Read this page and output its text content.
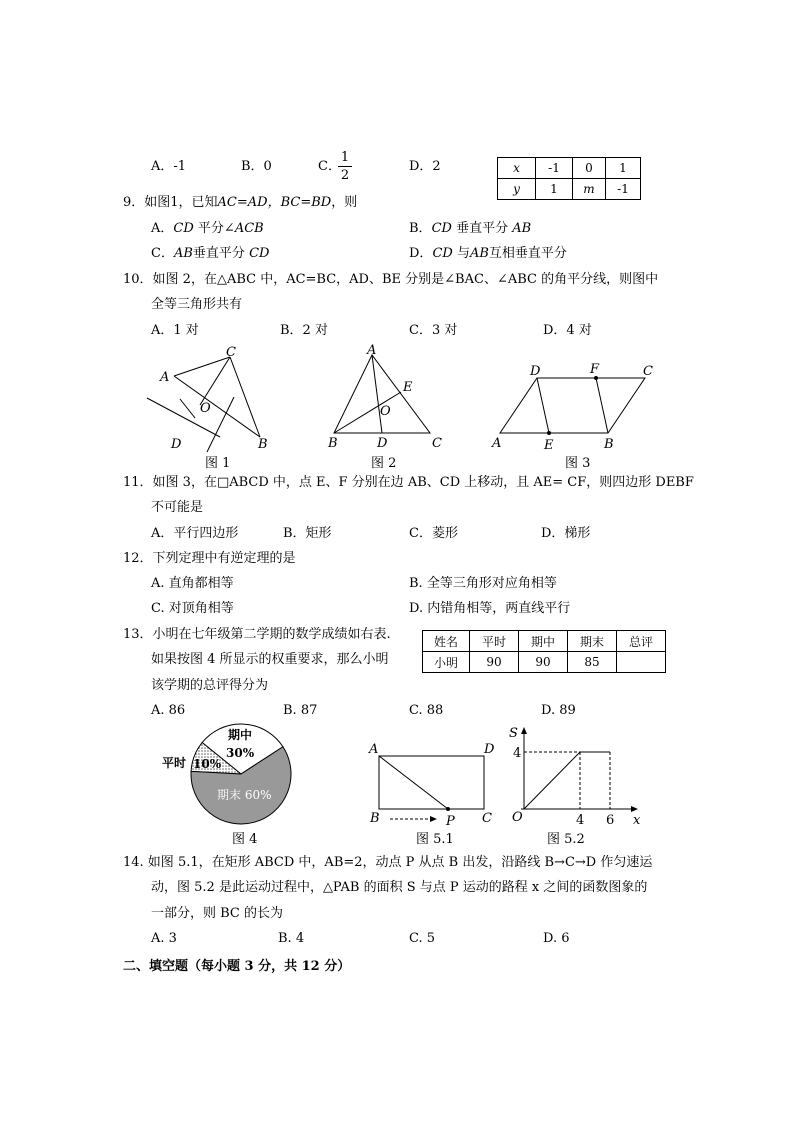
A．-1	B．0	C．
1
2
D．2	x	-1	0	1
y	1	m	-1
9．如图1，已知AC=AD，BC=BD，则
A．CD 平分∠ACB	B．CD 垂直平分 AB
C．AB垂直平分 CD	D．CD 与AB互相垂直平分
10．如图 2，在△ABC 中，AC=BC，AD、BE 分别是∠BAC、∠ABC 的角平分线，则图中
全等三角形共有
A．1 对	B．2 对	C．3 对	D．4 对
C
A
O
D	B
图 1
A
E
O
B	D	C
图 2
D	F	C
A	E	B
图 3
11．如图 3，在□ABCD 中，点 E、F 分别在边 AB、CD 上移动，且 AE= CF，则四边形 DEBF
不可能是
A．平行四边形	B．矩形	C．菱形	D．梯形
12．下列定理中有逆定理的是
A. 直角都相等	B. 全等三角形对应角相等
C. 对顶角相等	D. 内错角相等，两直线平行
13．小明在七年级第二学期的数学成绩如右表.
如果按图 4 所显示的权重要求，那么小明
该学期的总评得分为
姓名	平时	期中	期末	总评
小明	90	90	85	
A. 86	B. 87	C. 88	D. 89
期中
30%
平时 10%
期末 60%
图 4
A	D
B	C
P
图 5.1
S
4
O	4 6 x
图 5.2
14. 如图 5.1，在矩形 ABCD 中，AB=2，动点 P 从点 B 出发，沿路线 B→C→D 作匀速运
动，图 5.2 是此运动过程中，△PAB 的面积 S 与点 P 运动的路程 x 之间的函数图象的
一部分，则 BC 的长为
A. 3	B. 4	C. 5	D. 6
二、填空题（每小题 3 分，共 12 分）
